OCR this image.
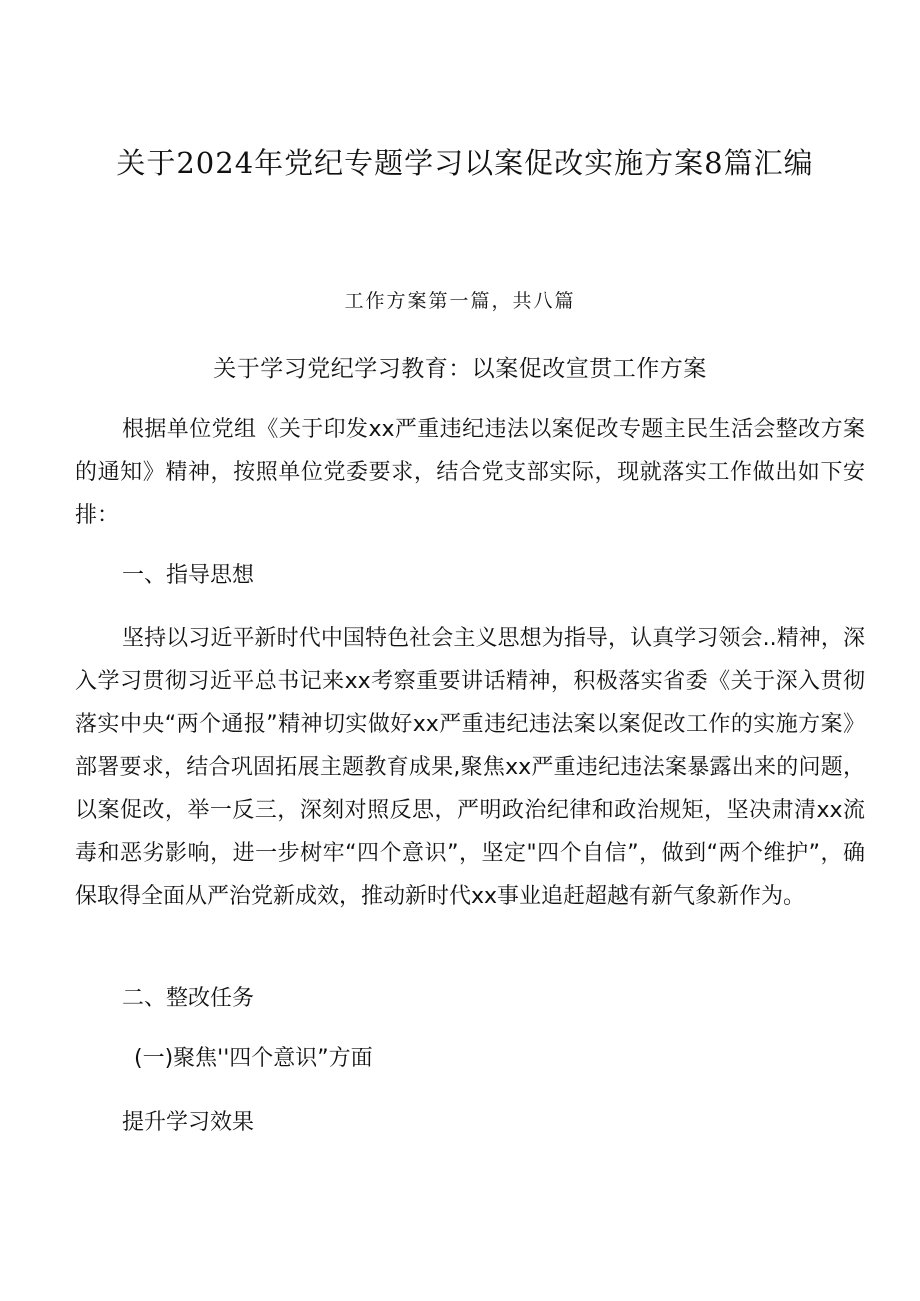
关于2024年党纪专题学习以案促改实施方案8篇汇编
工作方案第一篇，共八篇
关于学习党纪学习教育：以案促改宣贯工作方案

根据单位党组《关于印发xx严重违纪违法以案促改专题主民生活会整改方案的通知》精神，按照单位党委要求，结合党支部实际，现就落实工作做出如下安排：

一、指导思想

坚持以习近平新时代中国特色社会主义思想为指导，认真学习领会..精神，深入学习贯彻习近平总书记来xx考察重要讲话精神，积极落实省委《关于深入贯彻落实中央“两个通报”精神切实做好xx严重违纪违法案以案促改工作的实施方案》部署要求，结合巩固拓展主题教育成果,聚焦xx严重违纪违法案暴露出来的问题，以案促改，举一反三，深刻对照反思，严明政治纪律和政治规矩，坚决肃清xx流毒和恶劣影响，进一步树牢“四个意识”，坚定"四个自信”，做到“两个维护”，确保取得全面从严治党新成效，推动新时代xx事业追赶超越有新气象新作为。

二、整改任务
(一)聚焦''四个意识”方面
提升学习效果
